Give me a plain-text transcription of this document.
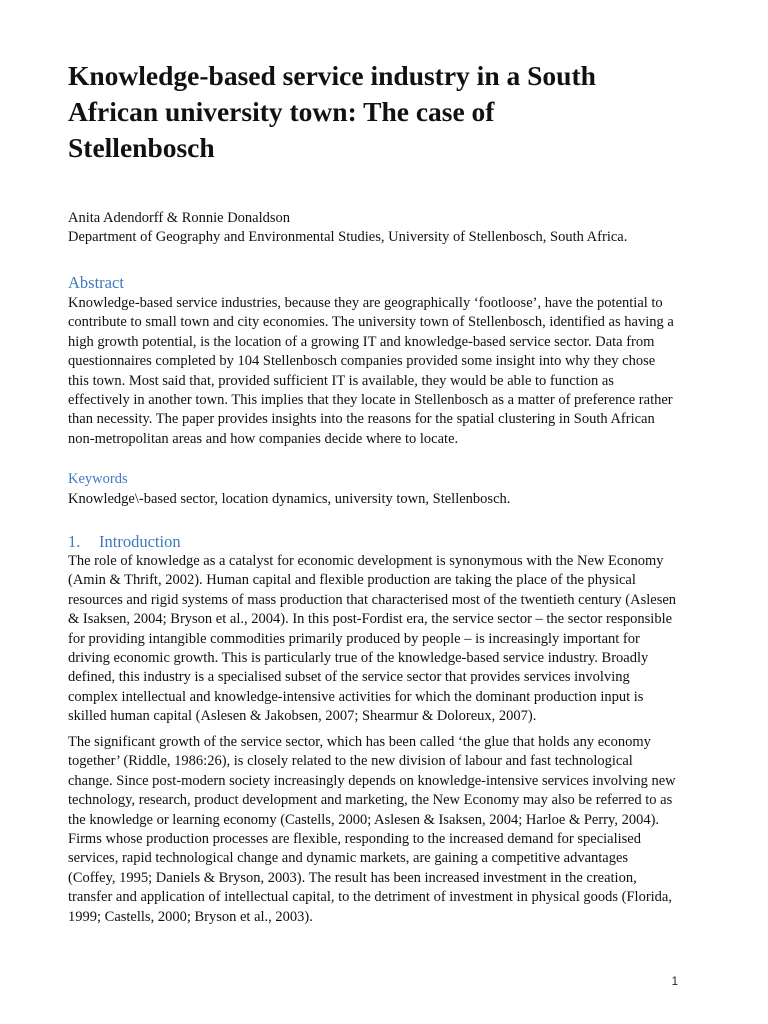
Knowledge-based service industry in a South
African university town: The case of
Stellenbosch
Anita Adendorff & Ronnie Donaldson
Department of Geography and Environmental Studies, University of Stellenbosch, South Africa.
Abstract

Knowledge-based service industries, because they are geographically ‘footloose’, have the potential to
contribute to small town and city economies. The university town of Stellenbosch, identified as having a
high growth potential, is the location of a growing IT and knowledge-based service sector. Data from
questionnaires completed by 104 Stellenbosch companies provided some insight into why they chose
this town. Most said that, provided sufficient IT is available, they would be able to function as
effectively in another town. This implies that they locate in Stellenbosch as a matter of preference rather
than necessity. The paper provides insights into the reasons for the spatial clustering in South African
non-metropolitan areas and how companies decide where to locate.

Keywords

Knowledge\-based sector, location dynamics, university town, Stellenbosch.

1. Introduction

The role of knowledge as a catalyst for economic development is synonymous with the New Economy
(Amin & Thrift, 2002). Human capital and flexible production are taking the place of the physical
resources and rigid systems of mass production that characterised most of the twentieth century (Aslesen
& Isaksen, 2004; Bryson et al., 2004). In this post-Fordist era, the service sector – the sector responsible
for providing intangible commodities primarily produced by people – is increasingly important for
driving economic growth. This is particularly true of the knowledge-based service industry. Broadly
defined, this industry is a specialised subset of the service sector that provides services involving
complex intellectual and knowledge-intensive activities for which the dominant production input is
skilled human capital (Aslesen & Jakobsen, 2007; Shearmur & Doloreux, 2007).

The significant growth of the service sector, which has been called ‘the glue that holds any economy
together’ (Riddle, 1986:26), is closely related to the new division of labour and fast technological
change. Since post-modern society increasingly depends on knowledge-intensive services involving new
technology, research, product development and marketing, the New Economy may also be referred to as
the knowledge or learning economy (Castells, 2000; Aslesen & Isaksen, 2004; Harloe & Perry, 2004).
Firms whose production processes are flexible, responding to the increased demand for specialised
services, rapid technological change and dynamic markets, are gaining a competitive advantages
(Coffey, 1995; Daniels & Bryson, 2003). The result has been increased investment in the creation,
transfer and application of intellectual capital, to the detriment of investment in physical goods (Florida,
1999; Castells, 2000; Bryson et al., 2003).

1
